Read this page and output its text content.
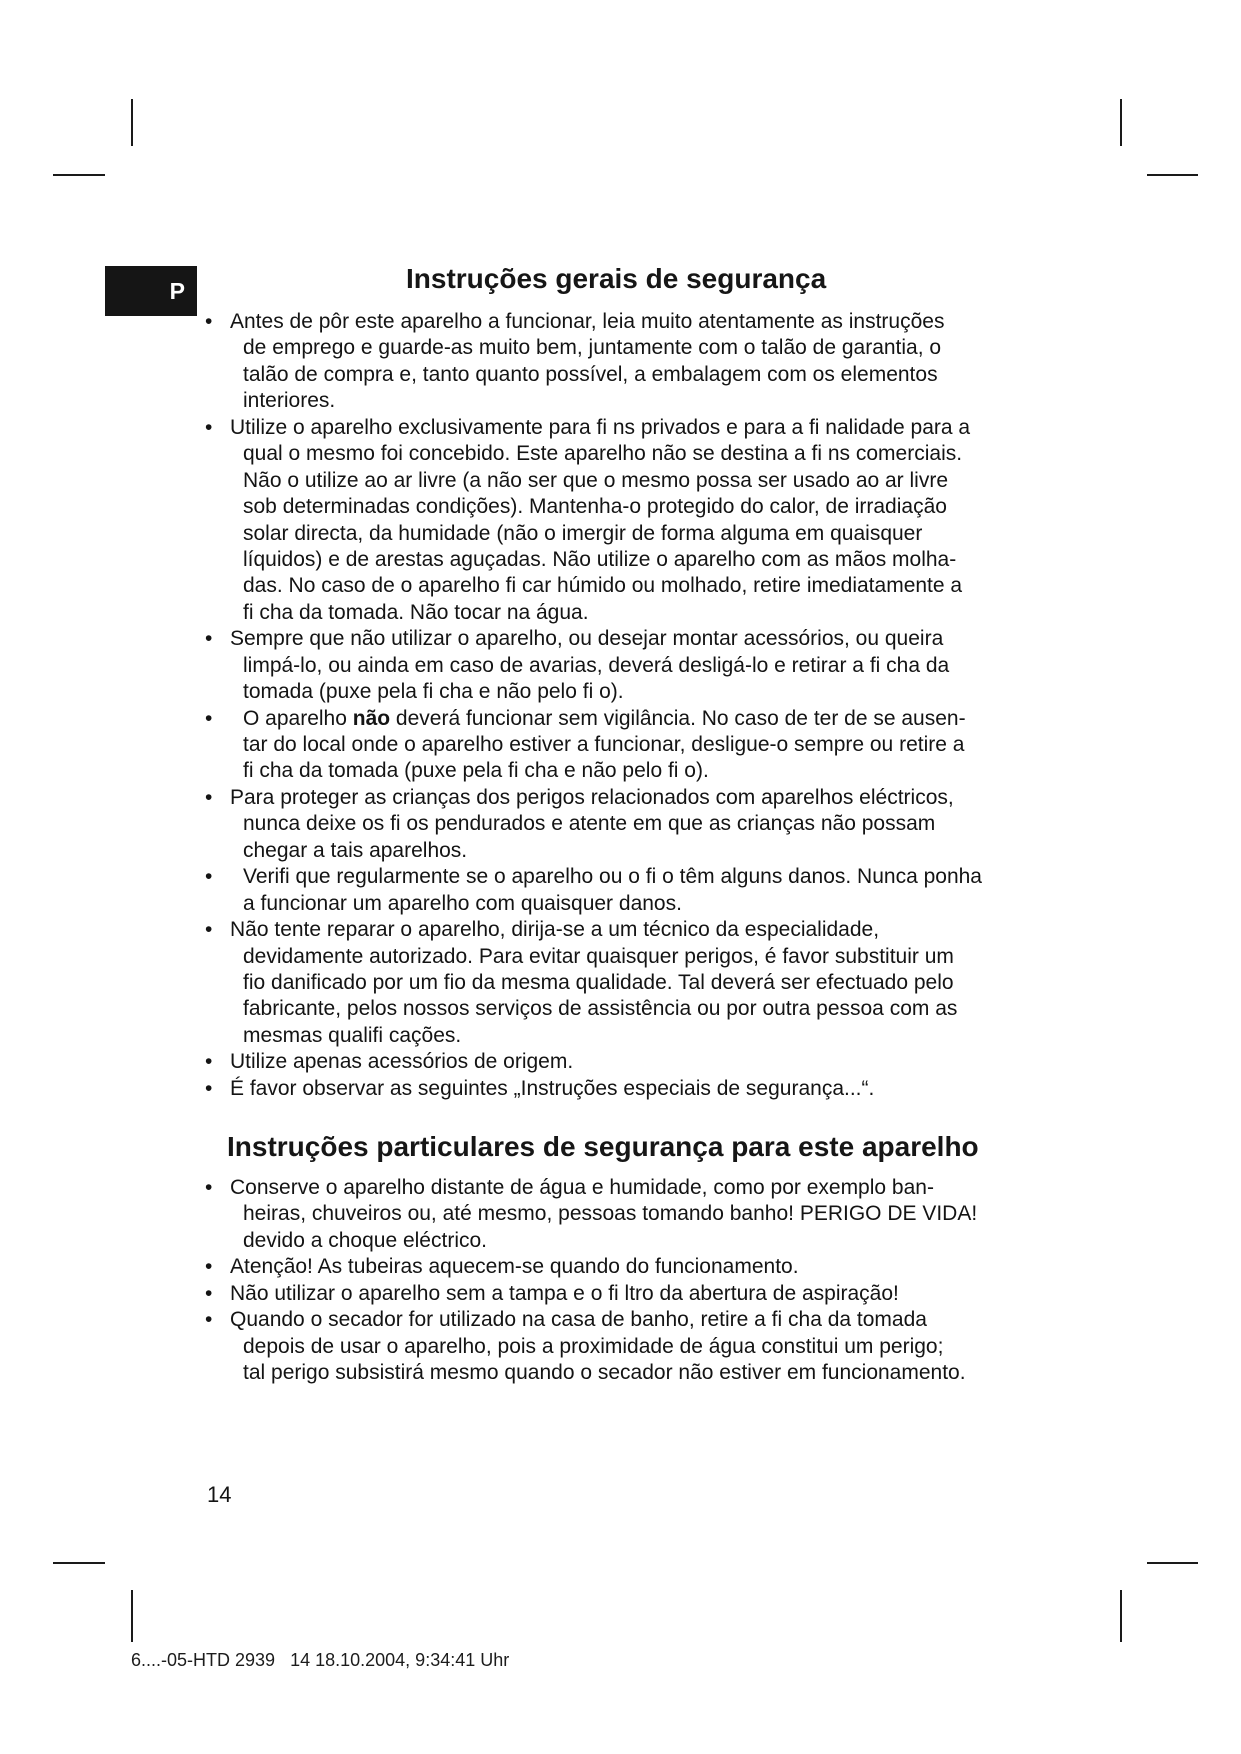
P	Instruções gerais de segurança
•
Antes de pôr este aparelho a funcionar, leia muito atentamente as instruções
de emprego e guarde-as muito bem, juntamente com o talão de garantia, o
talão de compra e, tanto quanto possível, a embalagem com os elementos
interiores.
•
Utilize o aparelho exclusivamente para fi ns privados e para a fi nalidade para a
qual o mesmo foi concebido. Este aparelho não se destina a fi ns comerciais.
Não o utilize ao ar livre (a não ser que o mesmo possa ser usado ao ar livre
sob determinadas condições). Mantenha-o protegido do calor, de irradiação
solar directa, da humidade (não o imergir de forma alguma em quaisquer
líquidos) e de arestas aguçadas. Não utilize o aparelho com as mãos molha-
das. No caso de o aparelho fi car húmido ou molhado, retire imediatamente a
fi cha da tomada. Não tocar na água.
•
Sempre que não utilizar o aparelho, ou desejar montar acessórios, ou queira
limpá-lo, ou ainda em caso de avarias, deverá desligá-lo e retirar a fi cha da
tomada (puxe pela fi cha e não pelo fi o).
•
O aparelho não deverá funcionar sem vigilância. No caso de ter de se ausen-
tar do local onde o aparelho estiver a funcionar, desligue-o sempre ou retire a
fi cha da tomada (puxe pela fi cha e não pelo fi o).
•
Para proteger as crianças dos perigos relacionados com aparelhos eléctricos,
nunca deixe os fi os pendurados e atente em que as crianças não possam
chegar a tais aparelhos.
•
Verifi que regularmente se o aparelho ou o fi o têm alguns danos. Nunca ponha
a funcionar um aparelho com quaisquer danos.
•
Não tente reparar o aparelho, dirija-se a um técnico da especialidade,
devidamente autorizado. Para evitar quaisquer perigos, é favor substituir um
fio danificado por um fio da mesma qualidade. Tal deverá ser efectuado pelo
fabricante, pelos nossos serviços de assistência ou por outra pessoa com as
mesmas qualifi cações.
•
Utilize apenas acessórios de origem.
•
É favor observar as seguintes „Instruções especiais de segurança...“.
Instruções particulares de segurança para este aparelho
•
Conserve o aparelho distante de água e humidade, como por exemplo ban-
heiras, chuveiros ou, até mesmo, pessoas tomando banho! PERIGO DE VIDA!
devido a choque eléctrico.
•
Atenção! As tubeiras aquecem-se quando do funcionamento.
•
Não utilizar o aparelho sem a tampa e o fi ltro da abertura de aspiração!
•
Quando o secador for utilizado na casa de banho, retire a fi cha da tomada
depois de usar o aparelho, pois a proximidade de água constitui um perigo;
tal perigo subsistirá mesmo quando o secador não estiver em funcionamento.
14
6....-05-HTD 2939   14 18.10.2004, 9:34:41 Uhr
